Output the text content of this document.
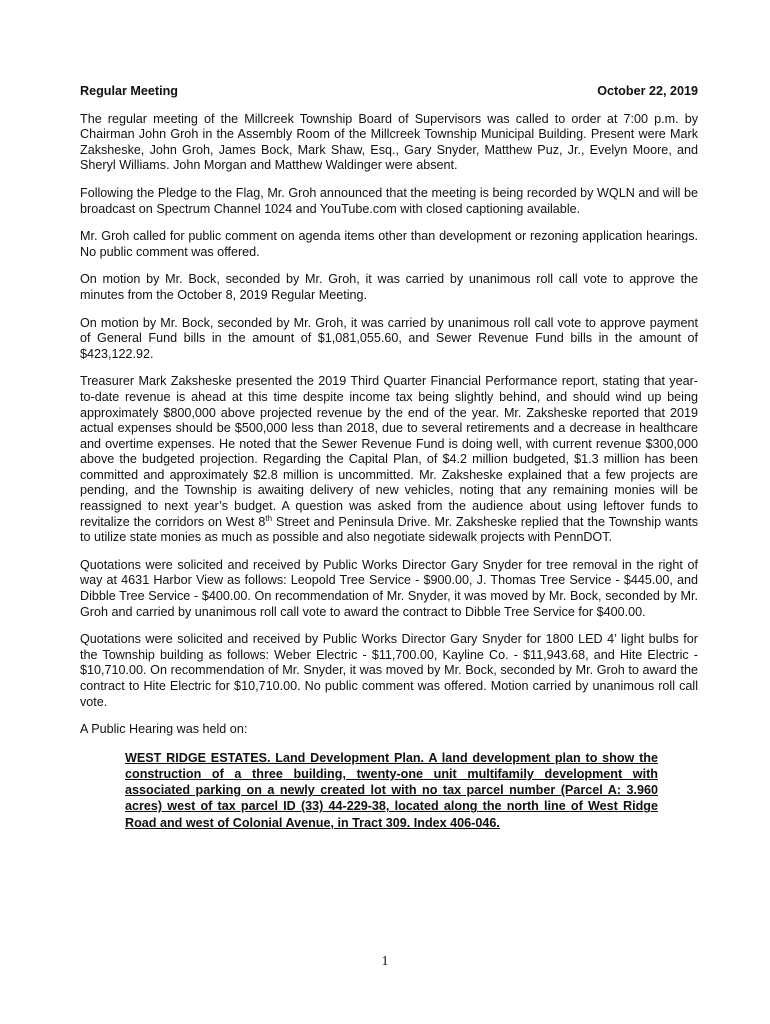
Regular Meeting	October 22, 2019

The regular meeting of the Millcreek Township Board of Supervisors was called to order at 7:00 p.m. by Chairman John Groh in the Assembly Room of the Millcreek Township Municipal Building. Present were Mark Zaksheske, John Groh, James Bock, Mark Shaw, Esq., Gary Snyder, Matthew Puz, Jr., Evelyn Moore, and Sheryl Williams. John Morgan and Matthew Waldinger were absent.

Following the Pledge to the Flag, Mr. Groh announced that the meeting is being recorded by WQLN and will be broadcast on Spectrum Channel 1024 and YouTube.com with closed captioning available.

Mr. Groh called for public comment on agenda items other than development or rezoning application hearings. No public comment was offered.

On motion by Mr. Bock, seconded by Mr. Groh, it was carried by unanimous roll call vote to approve the minutes from the October 8, 2019 Regular Meeting.

On motion by Mr. Bock, seconded by Mr. Groh, it was carried by unanimous roll call vote to approve payment of General Fund bills in the amount of $1,081,055.60, and Sewer Revenue Fund bills in the amount of $423,122.92.

Treasurer Mark Zaksheske presented the 2019 Third Quarter Financial Performance report, stating that year-to-date revenue is ahead at this time despite income tax being slightly behind, and should wind up being approximately $800,000 above projected revenue by the end of the year. Mr. Zaksheske reported that 2019 actual expenses should be $500,000 less than 2018, due to several retirements and a decrease in healthcare and overtime expenses. He noted that the Sewer Revenue Fund is doing well, with current revenue $300,000 above the budgeted projection. Regarding the Capital Plan, of $4.2 million budgeted, $1.3 million has been committed and approximately $2.8 million is uncommitted. Mr. Zaksheske explained that a few projects are pending, and the Township is awaiting delivery of new vehicles, noting that any remaining monies will be reassigned to next year’s budget. A question was asked from the audience about using leftover funds to revitalize the corridors on West 8th Street and Peninsula Drive. Mr. Zaksheske replied that the Township wants to utilize state monies as much as possible and also negotiate sidewalk projects with PennDOT.

Quotations were solicited and received by Public Works Director Gary Snyder for tree removal in the right of way at 4631 Harbor View as follows: Leopold Tree Service - $900.00, J. Thomas Tree Service - $445.00, and Dibble Tree Service - $400.00. On recommendation of Mr. Snyder, it was moved by Mr. Bock, seconded by Mr. Groh and carried by unanimous roll call vote to award the contract to Dibble Tree Service for $400.00.

Quotations were solicited and received by Public Works Director Gary Snyder for 1800 LED 4’ light bulbs for the Township building as follows: Weber Electric - $11,700.00, Kayline Co. - $11,943.68, and Hite Electric - $10,710.00. On recommendation of Mr. Snyder, it was moved by Mr. Bock, seconded by Mr. Groh to award the contract to Hite Electric for $10,710.00. No public comment was offered. Motion carried by unanimous roll call vote.

A Public Hearing was held on:

WEST RIDGE ESTATES. Land Development Plan. A land development plan to show the construction of a three building, twenty-one unit multifamily development with associated parking on a newly created lot with no tax parcel number (Parcel A: 3.960 acres) west of tax parcel ID (33) 44-229-38, located along the north line of West Ridge Road and west of Colonial Avenue, in Tract 309. Index 406-046.
1
